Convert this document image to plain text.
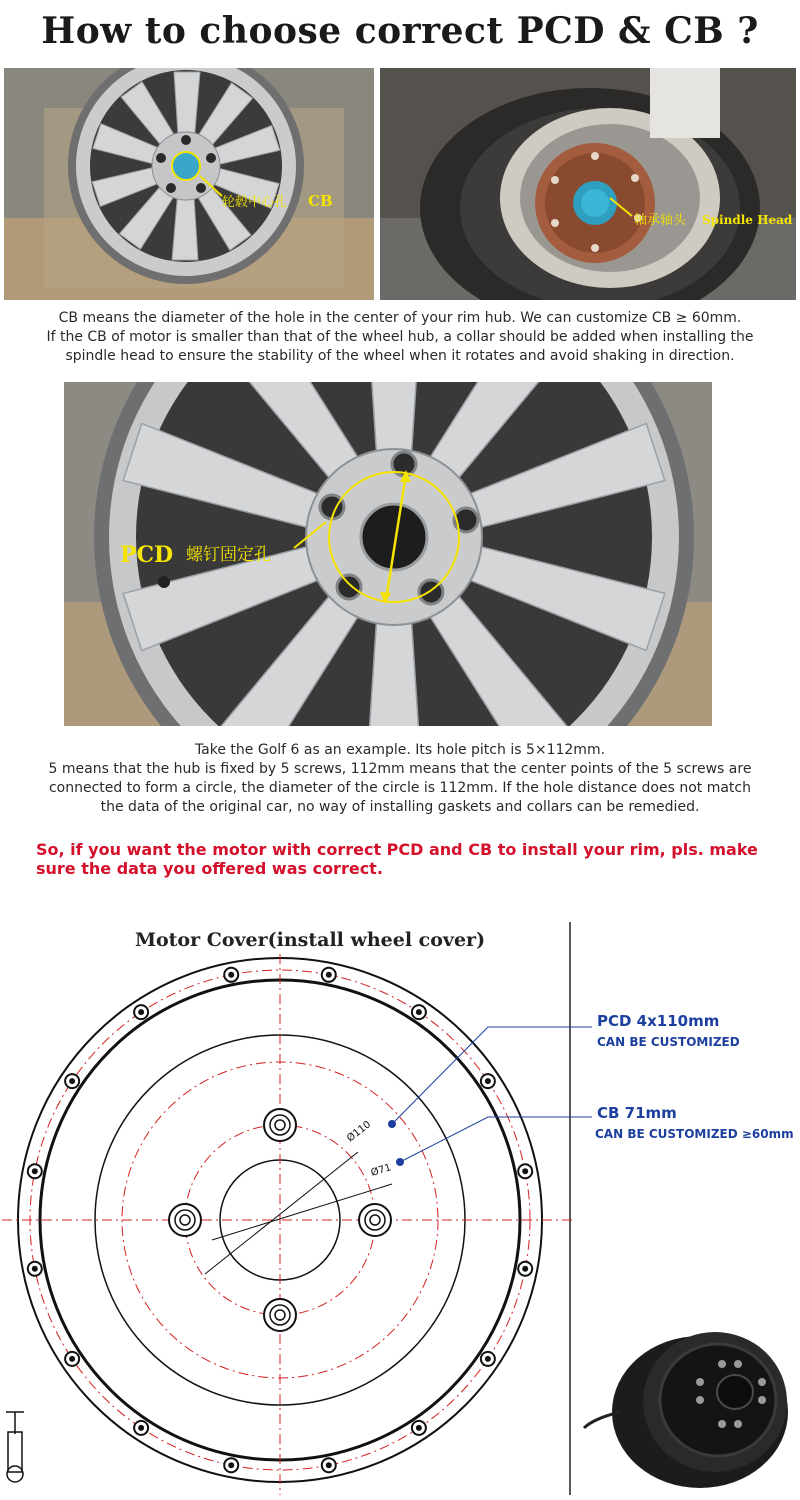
How to choose correct PCD & CB ?
轮毂中心孔 CB
轴承轴头 Spindle Head
CB means the diameter of the hole in the center of your rim hub. We can customize CB ≥ 60mm.
If the CB of motor is smaller than that of the wheel hub, a collar should be added when installing the
spindle head to ensure the stability of the wheel when it rotates and avoid shaking in direction.
PCD 螺钉固定孔
Take the Golf 6 as an example. Its hole pitch is 5×112mm.
5 means that the hub is fixed by 5 screws, 112mm means that the center points of the 5 screws are
connected to form a circle, the diameter of the circle is 112mm. If the hole distance does not match
the data of the original car, no way of installing gaskets and collars can be remedied.
So, if you want the motor with correct PCD and CB to install your rim, pls. make
sure the data you offered was correct.
Motor Cover(install wheel cover)
Ø110
Ø71
PCD 4x110mm
CAN BE CUSTOMIZED
CB 71mm
CAN BE CUSTOMIZED ≥60mm
